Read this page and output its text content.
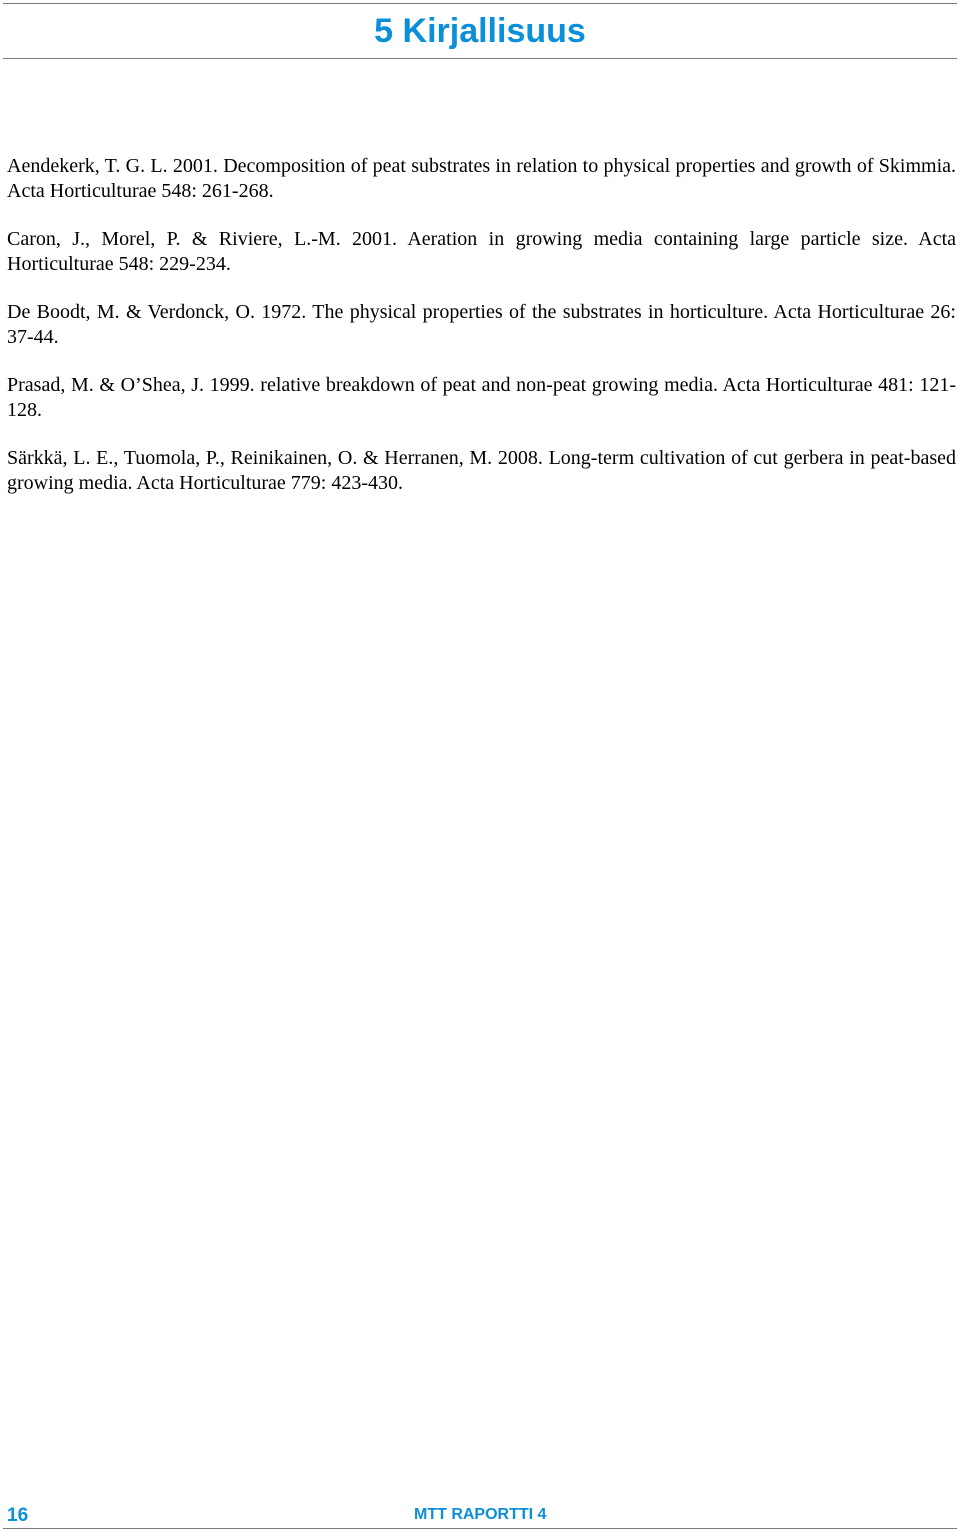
5 Kirjallisuus
Aendekerk, T. G. L. 2001. Decomposition of peat substrates in relation to physical properties and growth of Skimmia. Acta Horticulturae 548: 261-268.
Caron, J., Morel, P. & Riviere, L.-M. 2001. Aeration in growing media containing large particle size. Acta Horticulturae 548: 229-234.
De Boodt, M. & Verdonck, O. 1972. The physical properties of the substrates in horticulture. Acta Horticulturae 26: 37-44.
Prasad, M. & O’Shea, J. 1999. relative breakdown of peat and non-peat growing media. Acta Horticulturae 481: 121-128.
Särkkä, L. E., Tuomola, P., Reinikainen, O. & Herranen, M. 2008. Long-term cultivation of cut gerbera in peat-based growing media. Acta Horticulturae 779: 423-430.
16	MTT RAPORTTI 4
